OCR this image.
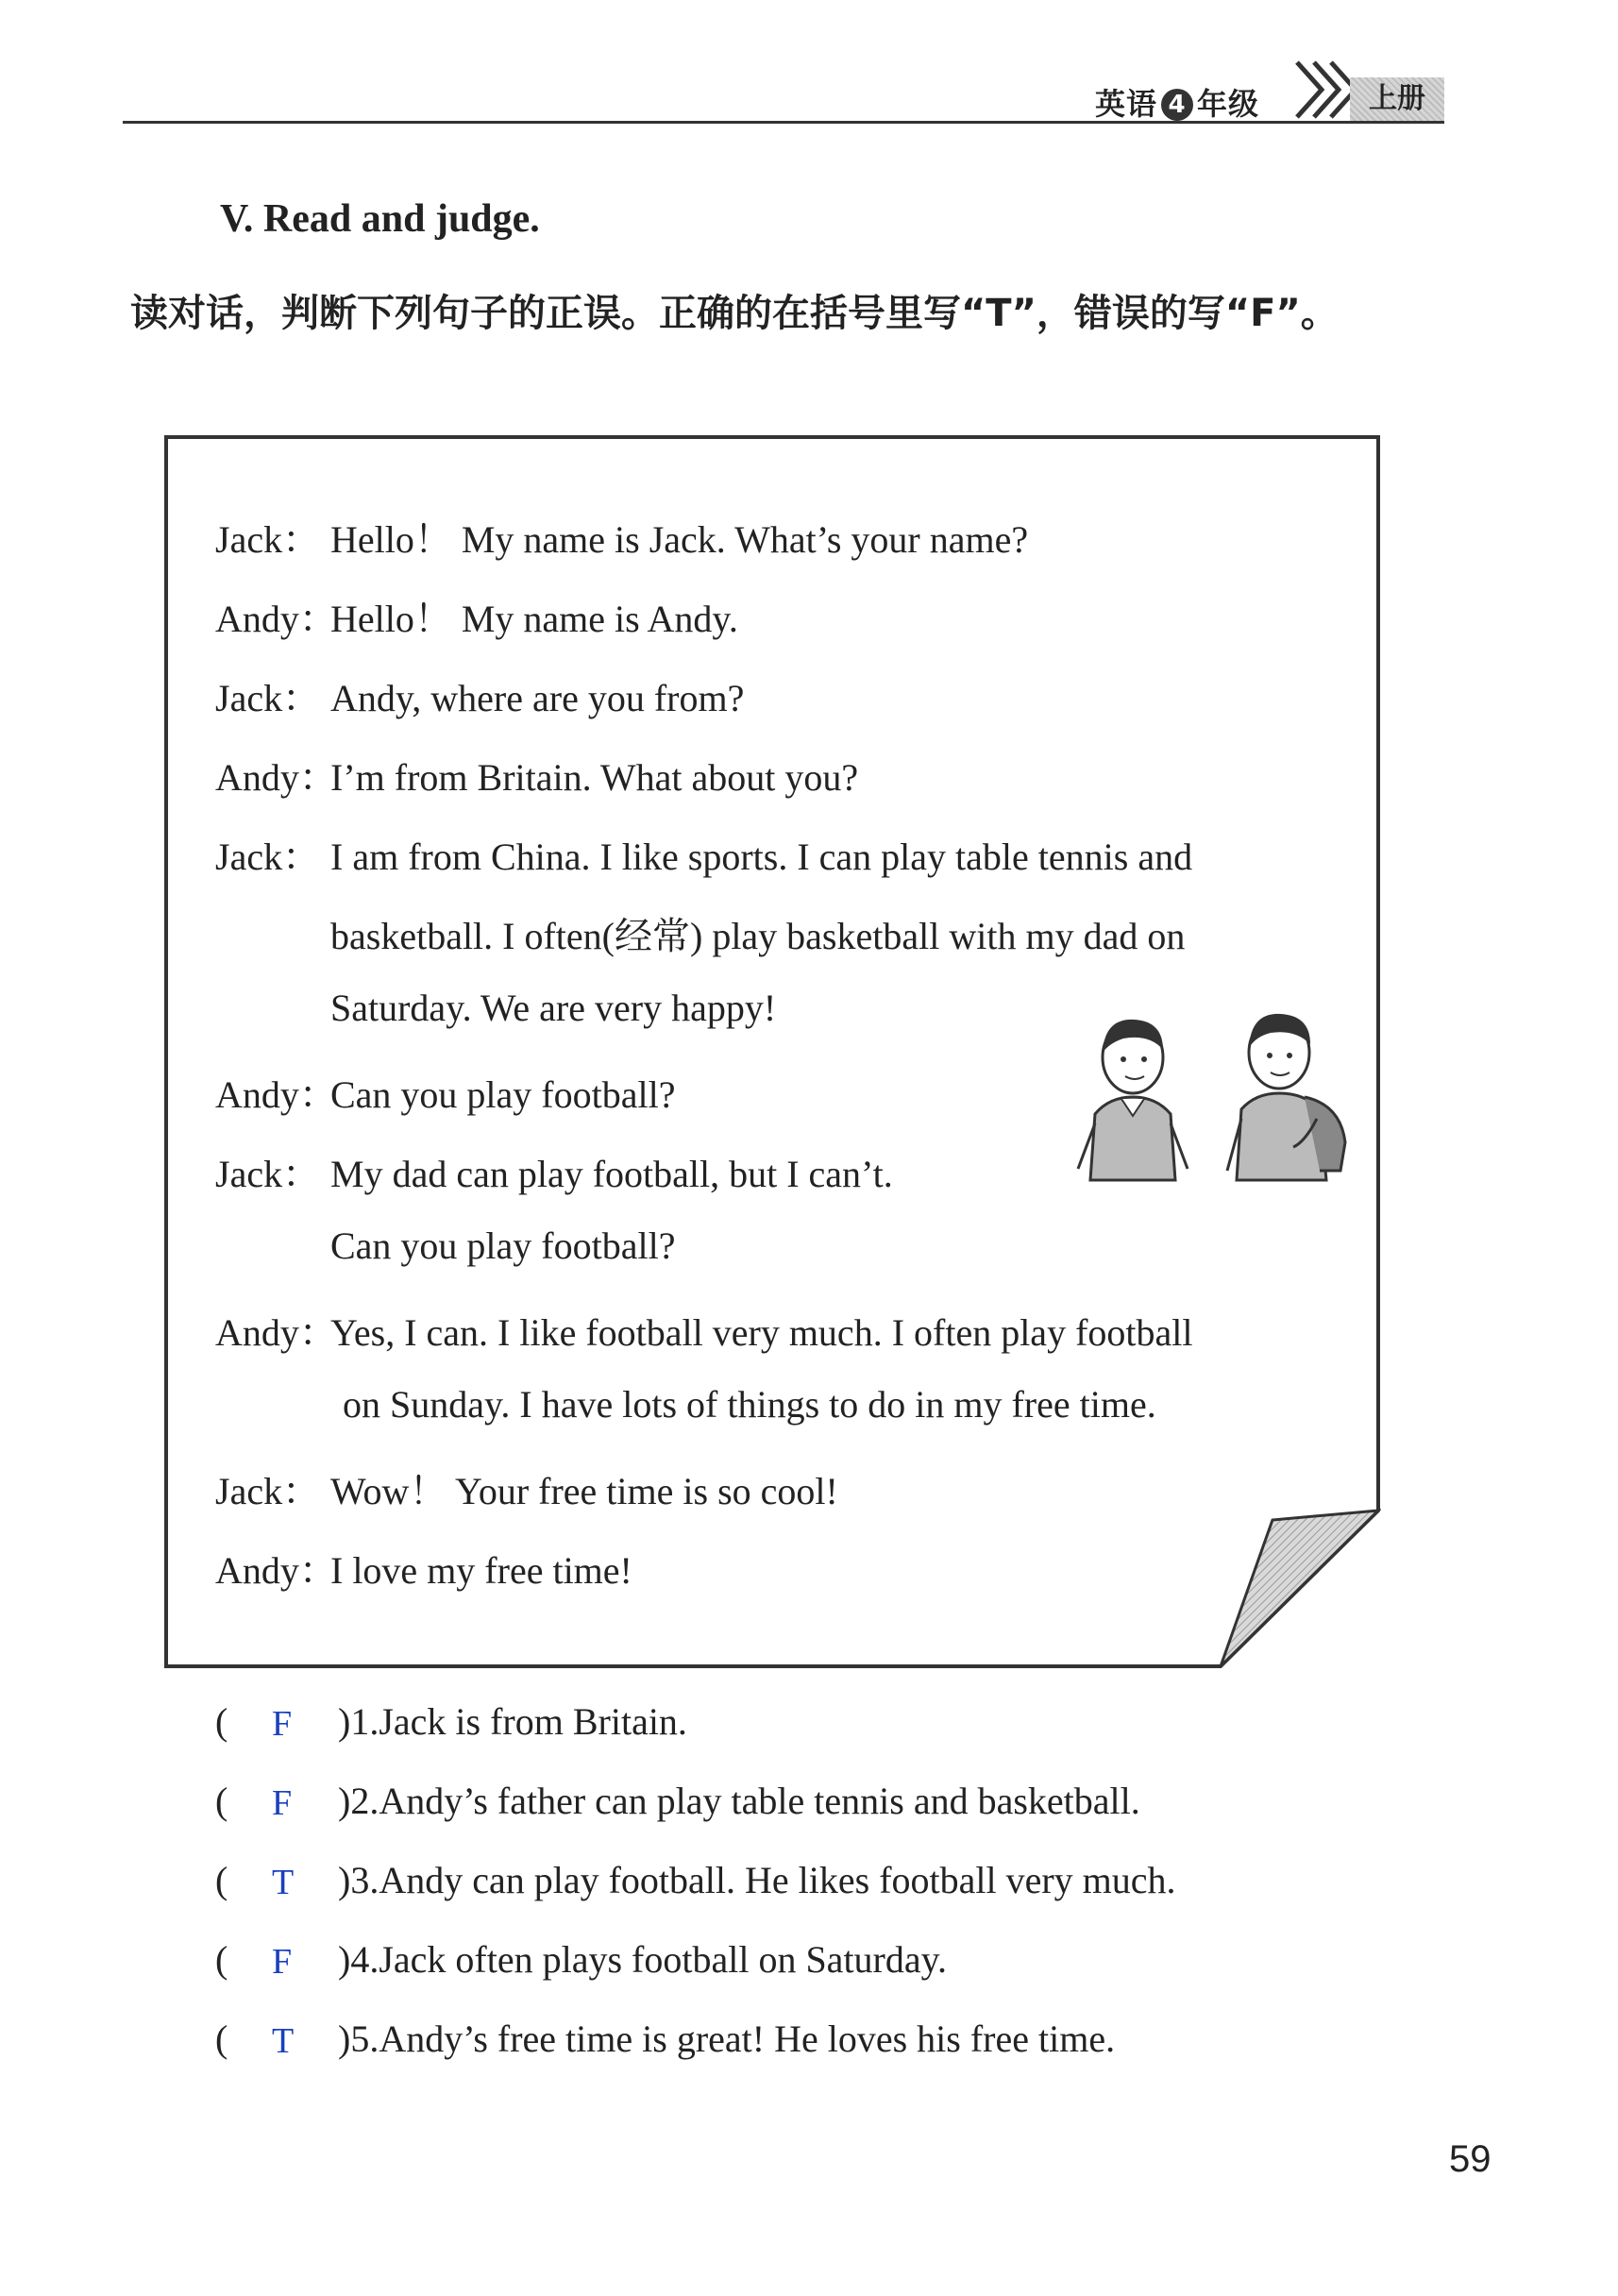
英语 4 年级	上册
V. Read and judge.
读对话，判断下列句子的正误。正确的在括号里写“T”，错误的写“F”。
Jack： Hello！ My name is Jack. What’s your name?
Andy：Hello！ My name is Andy.
Jack： Andy, where are you from?
Andy：I’m from Britain. What about you?
Jack： I am from China. I like sports. I can play table tennis and
basketball. I often(经常) play basketball with my dad on
Saturday. We are very happy!
Andy：Can you play football?
Jack： My dad can play football, but I can’t.
Can you play football?
Andy：Yes, I can. I like football very much. I often play football
on Sunday. I have lots of things to do in my free time.
Jack： Wow！ Your free time is so cool!
Andy：I love my free time!
( F )1.Jack is from Britain.
( F )2.Andy’s father can play table tennis and basketball.
( T )3.Andy can play football. He likes football very much.
( F )4.Jack often plays football on Saturday.
( T )5.Andy’s free time is great! He loves his free time.
59
